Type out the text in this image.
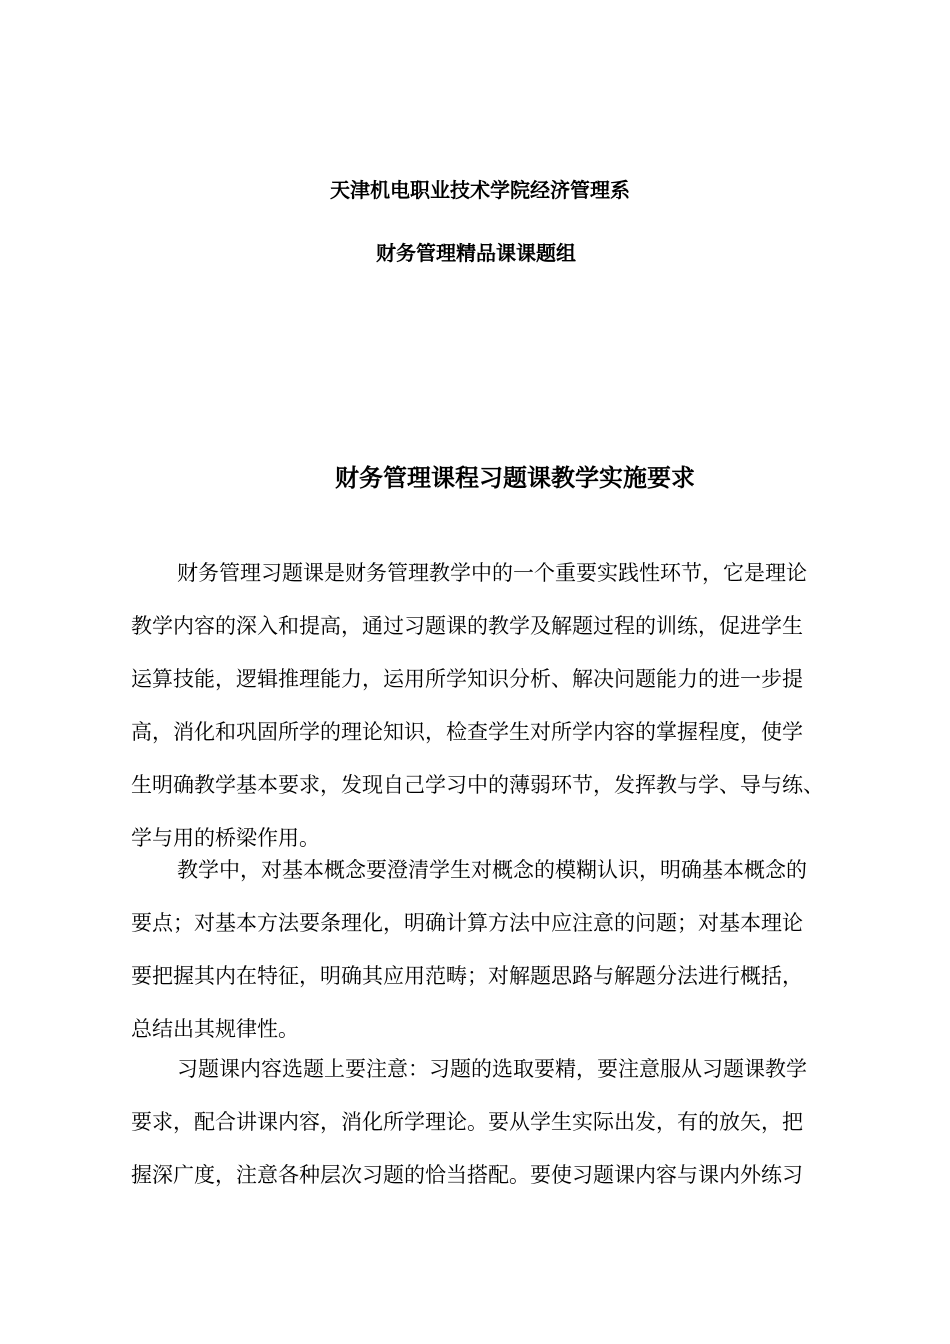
天津机电职业技术学院经济管理系
财务管理精品课课题组
财务管理课程习题课教学实施要求
财务管理习题课是财务管理教学中的一个重要实践性环节，它是理论
教学内容的深入和提高，通过习题课的教学及解题过程的训练，促进学生
运算技能，逻辑推理能力，运用所学知识分析、解决问题能力的进一步提
高，消化和巩固所学的理论知识，检查学生对所学内容的掌握程度，使学
生明确教学基本要求，发现自己学习中的薄弱环节，发挥教与学、导与练、
学与用的桥梁作用。
教学中，对基本概念要澄清学生对概念的模糊认识，明确基本概念的
要点；对基本方法要条理化，明确计算方法中应注意的问题；对基本理论
要把握其内在特征，明确其应用范畴；对解题思路与解题分法进行概括，
总结出其规律性。
习题课内容选题上要注意：习题的选取要精，要注意服从习题课教学
要求，配合讲课内容，消化所学理论。要从学生实际出发，有的放矢，把
握深广度，注意各种层次习题的恰当搭配。要使习题课内容与课内外练习
